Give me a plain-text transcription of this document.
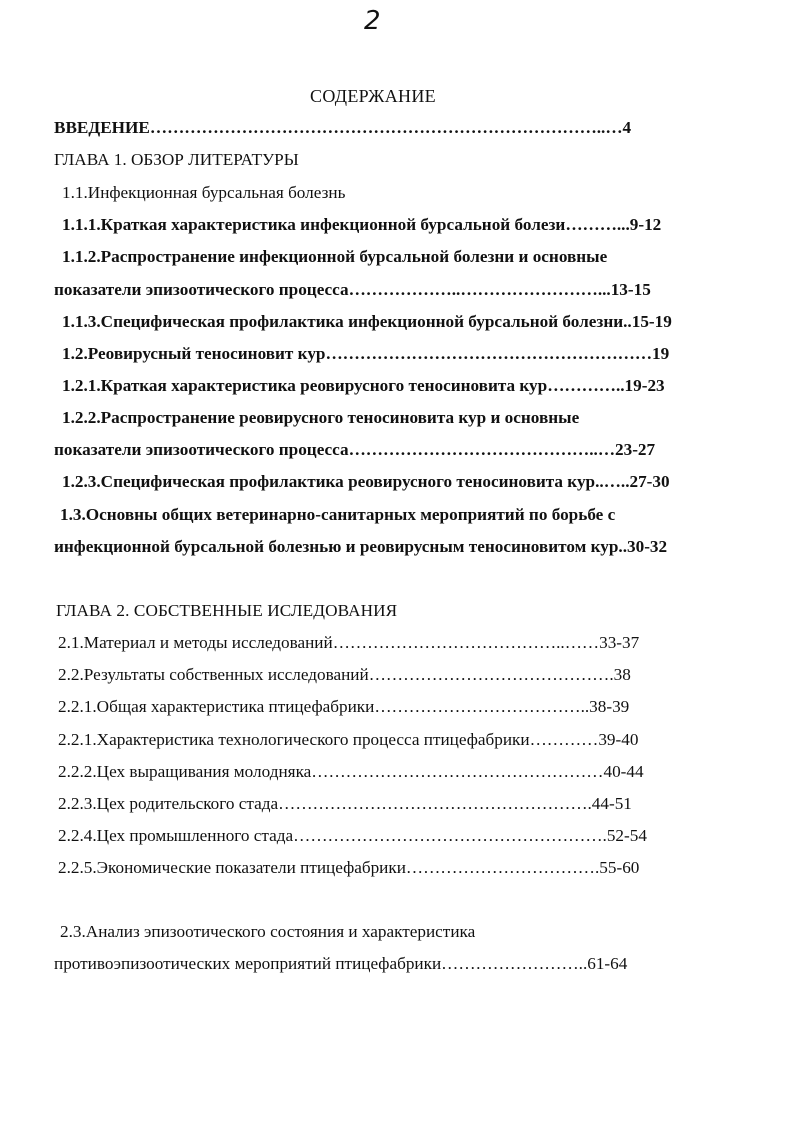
2
СОДЕРЖАНИЕ
ВВЕДЕНИЕ……………………………………………………………………..…4
ГЛАВА 1. ОБЗОР ЛИТЕРАТУРЫ
1.1.Инфекционная бурсальная болезнь
1.1.1.Краткая характеристика инфекционной бурсальной болези………...9-12
1.1.2.Распространение инфекционной бурсальной болезни и основные
показатели эпизоотического процесса………………..……………………...13-15
1.1.3.Специфическая профилактика инфекционной бурсальной болезни..15-19
1.2.Реовирусный теносиновит кур…………………………………………………19
1.2.1.Краткая характеристика реовирусного теносиновита кур…………..19-23
1.2.2.Распространение реовирусного теносиновита кур и основные
показатели эпизоотического процесса……………………………………..…23-27
1.2.3.Специфическая профилактика реовирусного теносиновита кур..…..27-30
1.3.Основны общих ветеринарно-санитарных мероприятий по борьбе с
инфекционной бурсальной болезнью и реовирусным теносиновитом кур..30-32
ГЛАВА 2. СОБСТВЕННЫЕ ИСЛЕДОВАНИЯ
2.1.Материал и методы исследований…………………………………..……33-37
2.2.Результаты собственных исследований…………………………………….38
2.2.1.Общая характеристика птицефабрики………………………………..38-39
2.2.1.Характеристика технологического процесса птицефабрики…………39-40
2.2.2.Цех выращивания молодняка……………………………………………40-44
2.2.3.Цех родительского стада……………………………………………….44-51
2.2.4.Цех промышленного стада……………………………………………….52-54
2.2.5.Экономические показатели птицефабрики…………………………….55-60
2.3.Анализ эпизоотического состояния и характеристика
противоэпизоотических мероприятий птицефабрики……………………..61-64
